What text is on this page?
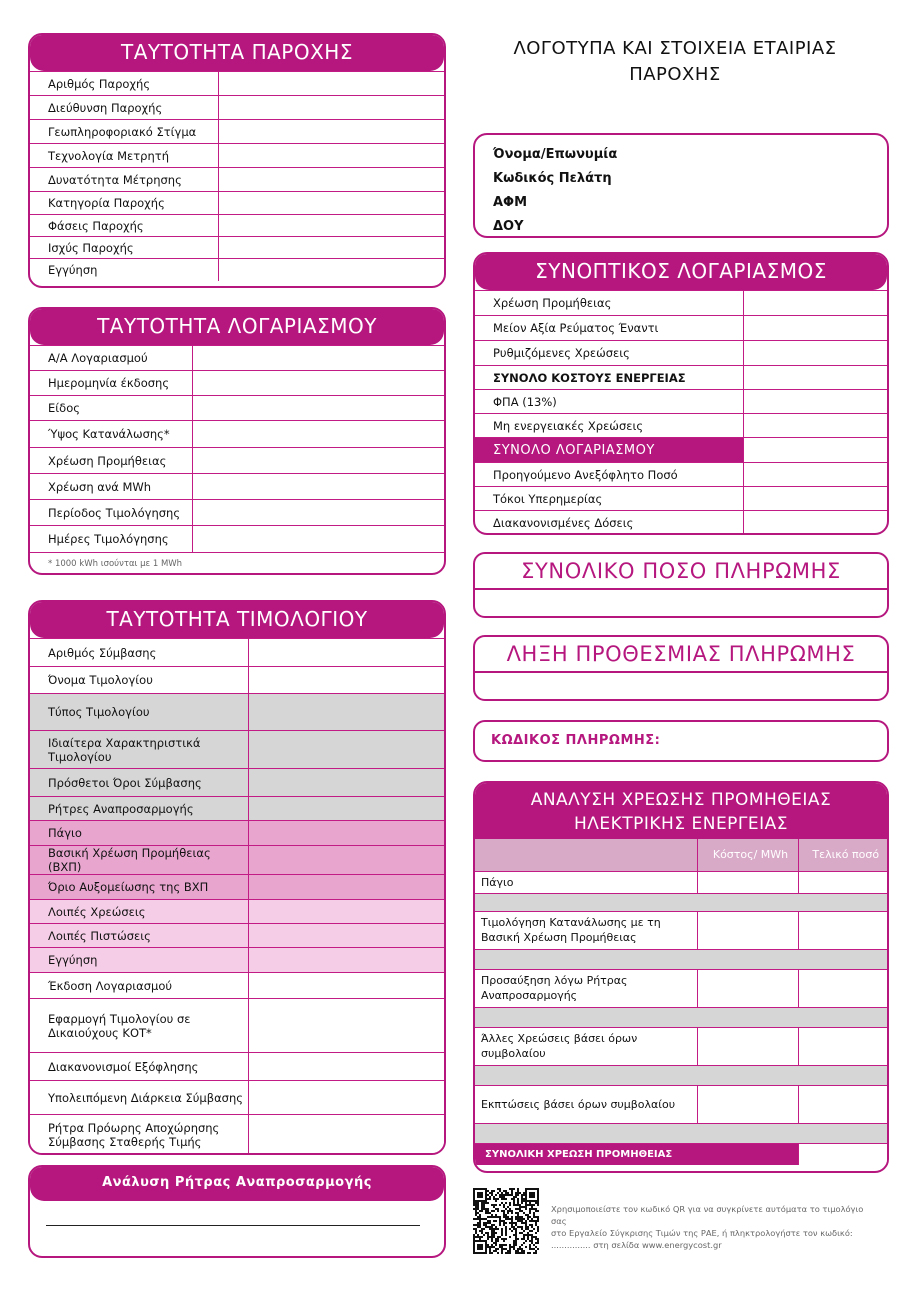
ΤΑΥΤΟΤΗΤΑ ΠΑΡΟΧΗΣ
Αριθμός Παροχής	
Διεύθυνση Παροχής	
Γεωπληροφοριακό Στίγμα	
Τεχνολογία Μετρητή	
Δυνατότητα Μέτρησης	
Κατηγορία Παροχής	
Φάσεις Παροχής	
Ισχύς Παροχής	
Εγγύηση	
ΤΑΥΤΟΤΗΤΑ ΛΟΓΑΡΙΑΣΜΟΥ
Α/Α Λογαριασμού	
Ημερομηνία έκδοσης	
Είδος	
Ύψος Κατανάλωσης*	
Χρέωση Προμήθειας	
Χρέωση ανά MWh	
Περίοδος Τιμολόγησης	
Ημέρες Τιμολόγησης	
* 1000 kWh ισούνται με 1 MWh
ΤΑΥΤΟΤΗΤΑ ΤΙΜΟΛΟΓΙΟΥ
Αριθμός Σύμβασης	
Όνομα Τιμολογίου	
Τύπος Τιμολογίου	
Ιδιαίτερα Χαρακτηριστικά Τιμολογίου	
Πρόσθετοι Όροι Σύμβασης	
Ρήτρες Αναπροσαρμογής	
Πάγιο	
Βασική Χρέωση Προμήθειας (ΒΧΠ)	
Όριο Αυξομείωσης της ΒΧΠ	
Λοιπές Χρεώσεις	
Λοιπές Πιστώσεις	
Εγγύηση	
Έκδοση Λογαριασμού	
Εφαρμογή Τιμολογίου σε Δικαιούχους ΚΟΤ*	
Διακανονισμοί Εξόφλησης	
Υπολειπόμενη Διάρκεια Σύμβασης	
Ρήτρα Πρόωρης Αποχώρησης Σύμβασης Σταθερής Τιμής	
Ανάλυση Ρήτρας Αναπροσαρμογής
ΛΟΓΟΤΥΠΑ ΚΑΙ ΣΤΟΙΧΕΙΑ ΕΤΑΙΡΙΑΣ ΠΑΡΟΧΗΣ
Όνομα/Επωνυμία
Κωδικός Πελάτη
ΑΦΜ
ΔΟΥ
ΣΥΝΟΠΤΙΚΟΣ ΛΟΓΑΡΙΑΣΜΟΣ
Χρέωση Προμήθειας	
Μείον Αξία Ρεύματος Έναντι	
Ρυθμιζόμενες Χρεώσεις	
ΣΥΝΟΛΟ ΚΟΣΤΟΥΣ ΕΝΕΡΓΕΙΑΣ	
ΦΠΑ (13%)	
Μη ενεργειακές Χρεώσεις	
ΣΥΝΟΛΟ ΛΟΓΑΡΙΑΣΜΟΥ	
Προηγούμενο Ανεξόφλητο Ποσό	
Τόκοι Υπερημερίας	
Διακανονισμένες Δόσεις	
ΣΥΝΟΛΙΚΟ ΠΟΣΟ ΠΛΗΡΩΜΗΣ
ΛΗΞΗ ΠΡΟΘΕΣΜΙΑΣ ΠΛΗΡΩΜΗΣ
ΚΩΔΙΚΟΣ ΠΛΗΡΩΜΗΣ:
ΑΝΑΛΥΣΗ ΧΡΕΩΣΗΣ ΠΡΟΜΗΘΕΙΑΣ
ΗΛΕΚΤΡΙΚΗΣ ΕΝΕΡΓΕΙΑΣ
	Κόστος/ MWh	Τελικό ποσό
Πάγιο		

Τιμολόγηση Κατανάλωσης με τη Βασική Χρέωση Προμήθειας		

Προσαύξηση λόγω Ρήτρας Αναπροσαρμογής		

Άλλες Χρεώσεις βάσει όρων συμβολαίου		

Εκπτώσεις βάσει όρων συμβολαίου		

ΣΥΝΟΛΙΚΗ ΧΡΕΩΣΗ ΠΡΟΜΗΘΕΙΑΣ		
Χρησιμοποιείστε τον κωδικό QR για να συγκρίνετε αυτόματα το τιμολόγιο σας
στο Εργαλείο Σύγκρισης Τιμών της ΡΑΕ, ή πληκτρολογήστε τον κωδικό:
............... στη σελίδα www.energycost.gr
